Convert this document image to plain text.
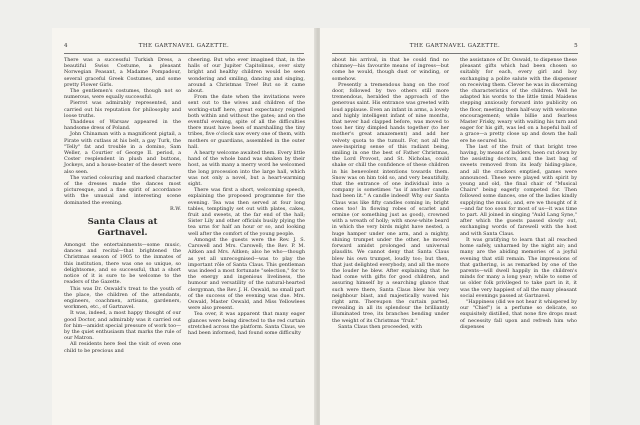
4	THE GARTNAVEL GAZETTE.

There was a successful Turkish Dress, a beautiful Swiss Costume, a pleasant Norwegian Peasant, a Madame Pompadour, several graceful Greek Costumes, and some pretty Flower Girls.

The gentlemen's costumes, though not so numerous, were equally successful.

Pierrot was admirably represented, and carried out his reputation for philosophy and loose truths.

Thaddeus of Warsaw appeared in the handsome dress of Poland.

John Chinaman with a magnificent pigtail, a Pirate with cutlass at his belt, a gay Turk, the "Telly" fat and trouble in a domino, Sam Weller, a Courtier of George II. period, a Coster resplendent in plush and buttons, Jockeys, and a house-boater of the desert were also seen.

The varied colouring and marked character of the dresses made the dances most picturesque, and a fine spirit of accordance with the unusual and interesting scene dominated the evening.

R.W.

Santa Claus at Gartnavel.

Amongst the entertainments—some music, dances and recital—that brightened the Christmas season of 1905 to the inmates of this institution, there was one so unique, so delightsome, and so successful, that a short notice of it is sure to be welcome to the readers of the Gazette.

This was Dr. Oswald's treat to the youth of the place, the children of the attendants, engineers, coachmen, artisans, gardeners, workmen, etc., of Gartnavel.

It was, indeed, a most happy thought of our good Doctor, and admirably was it carried out for him—amidst special pressure of work too—by the quiet enthusiasm that marks the rule of our Matron.

All residents here feel the visit of even one child to be precious and

cheering. But who ever imagined that, in the halls of our Jupiter Capitolinus, over sixty bright and healthy children would be seen wondering and smiling, dancing and singing, around a Christmas Tree! But so it came about.

From the date when the invitations were sent out to the wives and children of the working-staff here, great expectancy reigned both within and without the gates; and on the eventful evening, spite of all the difficulties there must have been of marshalling the tiny tribes, five o'clock saw every one of them, with mothers or guardians, assembled in the outer hall.

A hearty welcome awaited them. Every little hand of the whole band was shaken by their host, as with many a merry word he welcomed the long procession into the large hall, which was not only a novel, but a heart-warming sight.

There was first a short, welcoming speech, explaining the proposed programme for the evening. Tea was then served at four long tables, temptingly set out with plates, cakes, fruit and sweets, at the far end of the hall; Sister Lily and other officials busily plying the tea urns for half an hour or so, and looking well after the comfort of the young people.

Amongst the guests were the Rev. J. S. Carswell and Mrs. Carswell; the Rev. P. M. Aitken and Mrs. Aitken; also he who—though as yet all unrecognised—was to play the important rôle of Santa Claus. This gentleman was indeed a most fortunate "selection," for to the energy and ingenious liveliness, the humour and versatility of the natural-hearted clergyman, the Rev. J. H. Oswald, no small part of the success of the evening was due. Mrs. Oswald, Master Oswald, and Miss Yellowlees were also present.

Tea over, it was apparent that many eager glances were being directed to the red curtain stretched across the platform. Santa Claus, we had been informed, had found some difficulty

THE GARTNAVEL GAZETTE.	5

about his arrival, in that he could find no chimney—his favourite means of ingress—but come he would, though dust or winding, or somehow.

Presently a tremendous bang on the roof door, followed by two others still more tremendous, heralded the approach of the generous saint. His entrance was greeted with loud applause. Even an infant in arms, a lovely and highly intelligent infant of nine months, that never had clapped before, was moved to toss her tiny dimpled hands together (to her mother's great amazement) and add her velvety quota to the tumult. For, not all the awe-inspiring sense of this radiant being, smiling in one the best of Father Christmas, the Lord Provost, and St. Nicholas, could shake or chill the confidence of these children in his benevolent intentions towards them. Snow was on him told so, and very beautifully, that the entrance of one individual into a company is sometimes "as if another candle had been lit." A candle indeed! Why our Santa Claus was like fifty candles coming in; bright ones too! In flowing robes of scarlet and ermine (or something just as good), crowned with a wreath of holly; with snow-white beard in which the very birds might have nested, a huge hamper under one arm, and a mighty, shining trumpet under the other, he moved forward amidst prolonged and universal plaudits. We cannot deny that Santa Claus blew his own trumpet, loudly too; but then, that just delighted everybody, and all the more the louder he blew. After explaining that he had come with gifts for good children, and assuring himself by a searching glance that such were there, Santa Claus blew his very neighbour blast, and majestically waved his right arm. Thereupon the curtain parted, revealing in all its splendour the brilliantly illuminated tree, its branches bending under the weight of its Christmas "fruit."

Santa Claus then proceeded, with

the assistance of Dr. Oswald, to dispense these pleasant gifts which had been chosen so suitably for each, every girl and boy exchanging a polite salute with the dispenser on receiving them. Clever he was in discerning the characteristics of the children. Well he adapted his words to the little timid Maidens stepping anxiously forward into publicity on the floor, meeting them half-way with welcome encouragement; while billie and fearless Master Frisky, weary with waiting his turn and eager for his gift, was led on a hopeful ball of a grace—a pretty close up and down the hall ere he secured his.

The last of the fruit of that bright tree having, by means of ladders, been cut down by the assisting doctors, and the last bag of sweets removed from its leafy hiding-place, and all the crackers emptied, games were announced. These were played with spirit by young and old, the final chair of "Musical Chairs" being eagerly competed for. Then followed some dances, one of the ladies kindly supplying the music, and, ere we thought of it—and far too soon for most of us—it was time to part. All joined in singing "Auld Lang Syne," after which the guests passed slowly out, exchanging words of farewell with the host and with Santa Claus.

It was gratifying to learn that all reached home safely, unharmed by the night air; and many are the abiding memories of a joyful evening that still remain. The impressions of that gathering, is as remarked by one of the parents—will dwell happily in the children's minds for many a long year; while to some of us older folk privileged to take part in it, it was the very happiest of all the many pleasant social evenings passed at Gartnavel.

"Happiness (did we not hear it whispered by our "Chief") is a perfume so delicate, so exquisitely distilled, that none fire drops must of necessity fall upon and refresh him who dispenses
